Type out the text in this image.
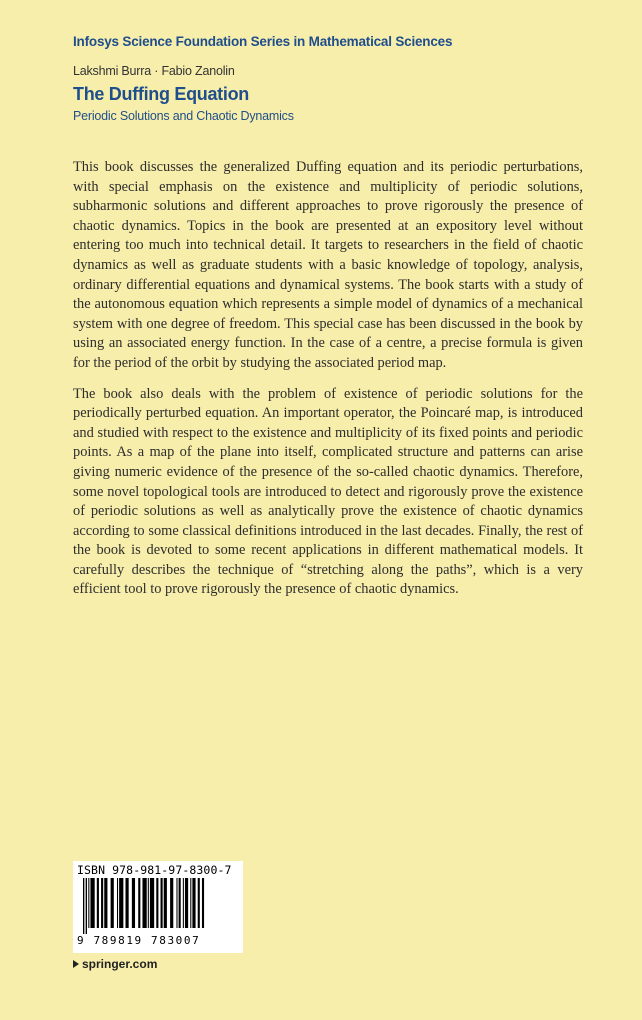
Infosys Science Foundation Series in Mathematical Sciences
Lakshmi Burra · Fabio Zanolin
The Duffing Equation
Periodic Solutions and Chaotic Dynamics

This book discusses the generalized Duffing equation and its periodic perturbations, with special emphasis on the existence and multiplicity of periodic solutions, subharmonic solutions and different approaches to prove rigorously the presence of chaotic dynamics. Topics in the book are presented at an expository level without entering too much into technical detail. It targets to researchers in the field of chaotic dynamics as well as graduate students with a basic knowledge of topology, analysis, ordinary differential equations and dynamical systems. The book starts with a study of the autonomous equation which represents a simple model of dynamics of a mechanical system with one degree of freedom. This special case has been discussed in the book by using an associated energy function. In the case of a centre, a precise formula is given for the period of the orbit by studying the associated period map.

The book also deals with the problem of existence of periodic solutions for the periodically perturbed equation. An important operator, the Poincaré map, is introduced and studied with respect to the existence and multiplicity of its fixed points and periodic points. As a map of the plane into itself, complicated structure and patterns can arise giving numeric evidence of the presence of the so-called chaotic dynamics. Therefore, some novel topological tools are introduced to detect and rigorously prove the existence of periodic solutions as well as analytically prove the existence of chaotic dynamics according to some classical definitions introduced in the last decades. Finally, the rest of the book is devoted to some recent applications in different mathematical models. It carefully describes the technique of “stretching along the paths”, which is a very efficient tool to prove rigorously the presence of chaotic dynamics.

ISBN 978-981-97-8300-7
9 789819 783007
springer.com
